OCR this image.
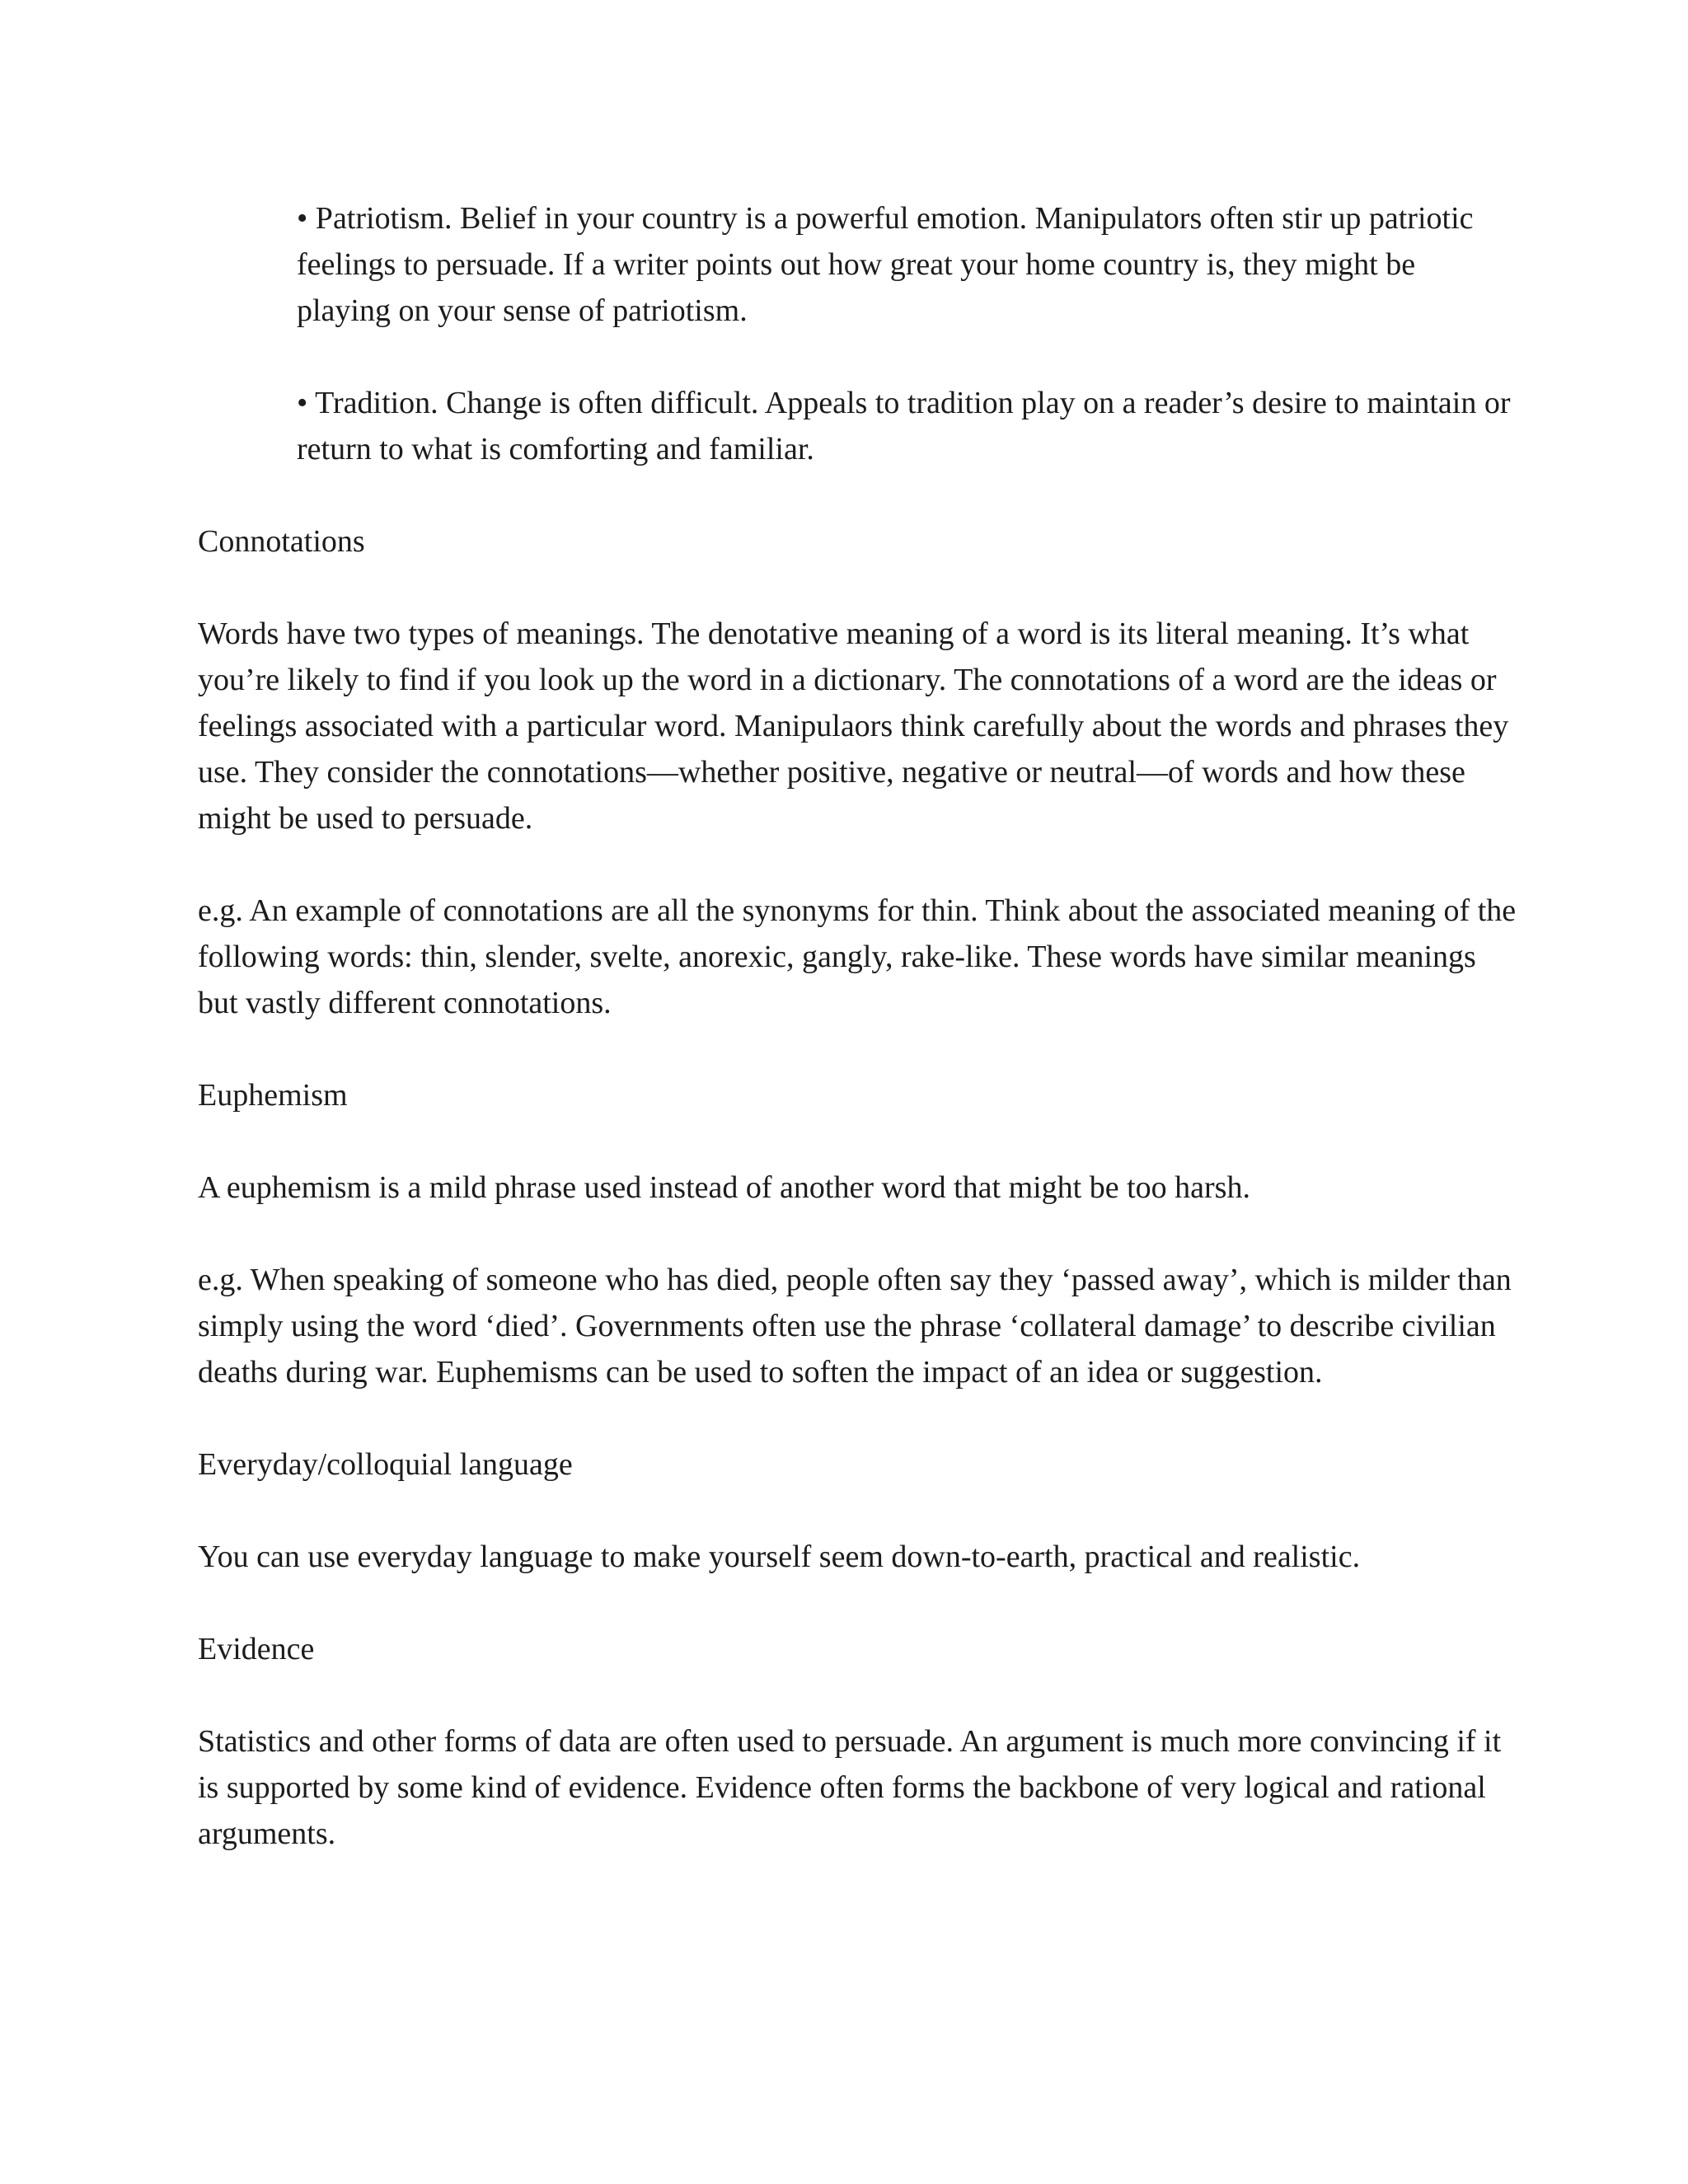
• Patriotism. Belief in your country is a powerful emotion. Manipulators often stir up patriotic feelings to persuade. If a writer points out how great your home country is, they might be playing on your sense of patriotism.

• Tradition. Change is often difficult. Appeals to tradition play on a reader’s desire to maintain or return to what is comforting and familiar.

Connotations

Words have two types of meanings. The denotative meaning of a word is its literal meaning. It’s what you’re likely to find if you look up the word in a dictionary. The connotations of a word are the ideas or feelings associated with a particular word. Manipulaors think carefully about the words and phrases they use. They consider the connotations—whether positive, negative or neutral—of words and how these might be used to persuade.

e.g. An example of connotations are all the synonyms for thin. Think about the associated meaning of the following words: thin, slender, svelte, anorexic, gangly, rake-like. These words have similar meanings but vastly different connotations.

Euphemism

A euphemism is a mild phrase used instead of another word that might be too harsh.

e.g. When speaking of someone who has died, people often say they ‘passed away’, which is milder than simply using the word ‘died’. Governments often use the phrase ‘collateral damage’ to describe civilian deaths during war. Euphemisms can be used to soften the impact of an idea or suggestion.

Everyday/colloquial language

You can use everyday language to make yourself seem down-to-earth, practical and realistic.

Evidence

Statistics and other forms of data are often used to persuade. An argument is much more convincing if it is supported by some kind of evidence. Evidence often forms the backbone of very logical and rational arguments.
